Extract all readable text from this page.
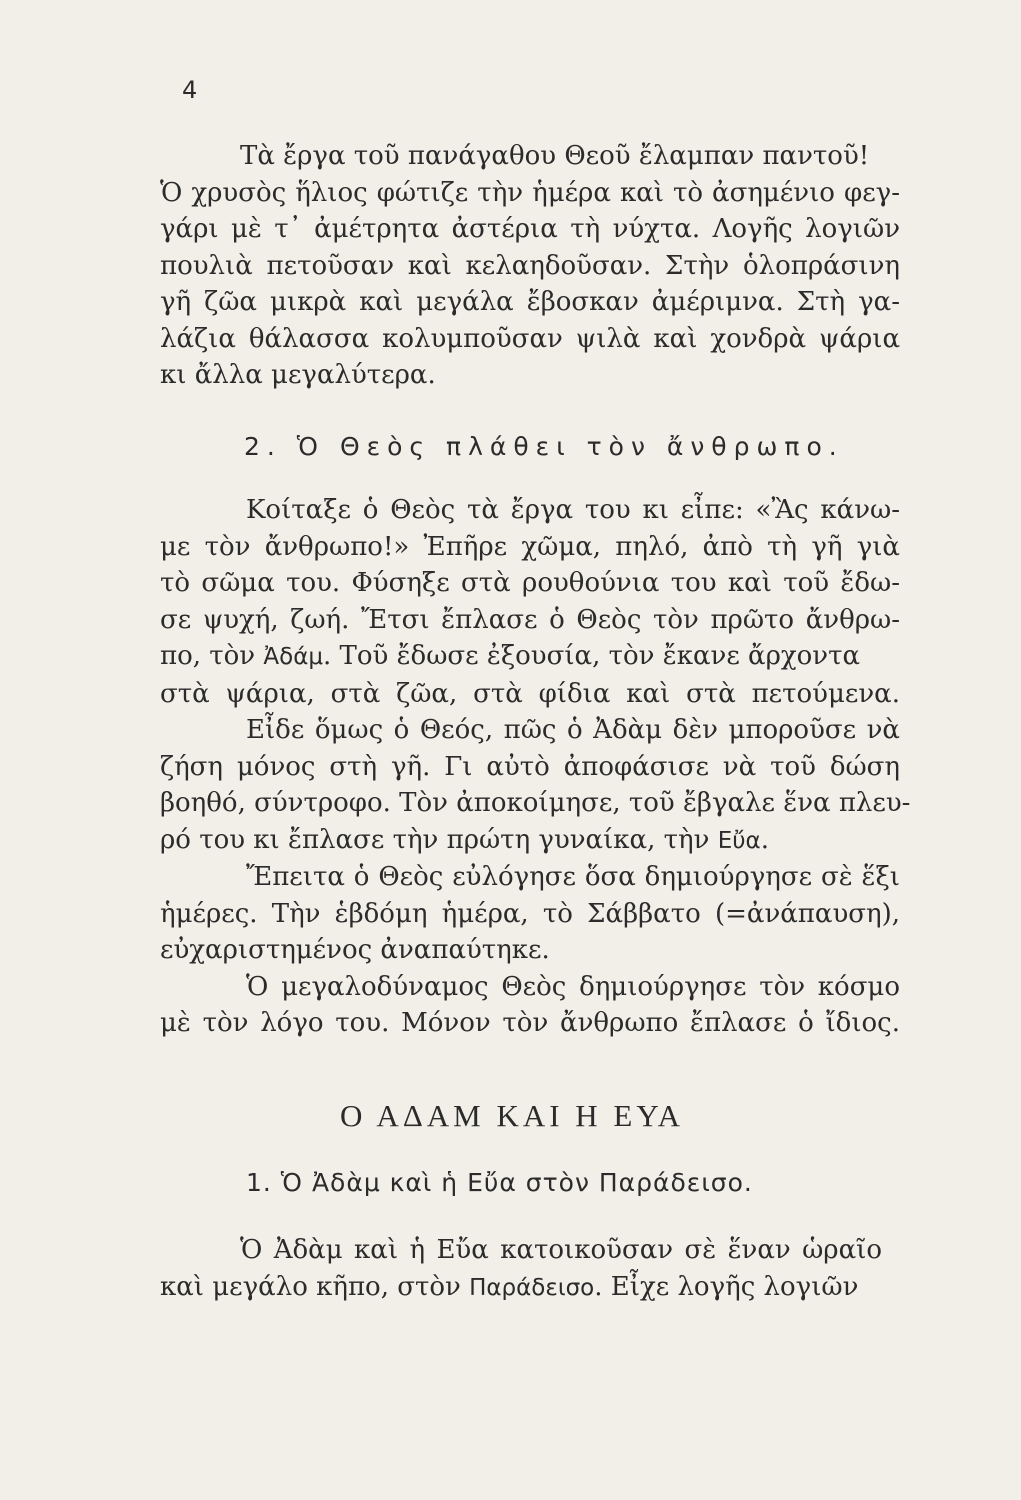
4

Τὰ ἔργα τοῦ πανάγαθου Θεοῦ ἔλαμπαν παντοῦ!
Ὁ χρυσὸς ἥλιος φώτιζε τὴν ἡμέρα καὶ τὸ ἀσημένιο φεγ-
γάρι μὲ τ᾽ ἀμέτρητα ἀστέρια τὴ νύχτα. Λογῆς λογιῶν
πουλιὰ πετοῦσαν καὶ κελαηδοῦσαν. Στὴν ὁλοπράσινη
γῆ ζῶα μικρὰ καὶ μεγάλα ἔβοσκαν ἀμέριμνα. Στὴ γα-
λάζια θάλασσα κολυμποῦσαν ψιλὰ καὶ χονδρὰ ψάρια
κι ἄλλα μεγαλύτερα.

2. Ὁ Θεὸς πλάθει τὸν ἄνθρωπο.

Κοίταξε ὁ Θεὸς τὰ ἔργα του κι εἶπε: «Ἂς κάνω-
με τὸν ἄνθρωπο!» Ἐπῆρε χῶμα, πηλό, ἀπὸ τὴ γῆ γιὰ
τὸ σῶμα του. Φύσηξε στὰ ρουθούνια του καὶ τοῦ ἔδω-
σε ψυχή, ζωή. Ἔτσι ἔπλασε ὁ Θεὸς τὸν πρῶτο ἄνθρω-
πο, τὸν Ἀδάμ. Τοῦ ἔδωσε ἐξουσία, τὸν ἔκανε ἄρχοντα
στὰ ψάρια, στὰ ζῶα, στὰ φίδια καὶ στὰ πετούμενα.
Εἶδε ὅμως ὁ Θεός, πῶς ὁ Ἀδὰμ δὲν μποροῦσε νὰ
ζήση μόνος στὴ γῆ. Γι αὐτὸ ἀποφάσισε νὰ τοῦ δώση
βοηθό, σύντροφο. Τὸν ἀποκοίμησε, τοῦ ἔβγαλε ἕνα πλευ-
ρό του κι ἔπλασε τὴν πρώτη γυναίκα, τὴν Εὔα.
Ἔπειτα ὁ Θεὸς εὐλόγησε ὅσα δημιούργησε σὲ ἕξι
ἡμέρες. Τὴν ἑβδόμη ἡμέρα, τὸ Σάββατο (=ἀνάπαυση),
εὐχαριστημένος ἀναπαύτηκε.
Ὁ μεγαλοδύναμος Θεὸς δημιούργησε τὸν κόσμο
μὲ τὸν λόγο του. Μόνον τὸν ἄνθρωπο ἔπλασε ὁ ἴδιος.

Ο ΑΔΑΜ ΚΑΙ Η ΕΥΑ
1. Ὁ Ἀδὰμ καὶ ἡ Εὔα στὸν Παράδεισο.

Ὁ Ἀδὰμ καὶ ἡ Εὔα κατοικοῦσαν σὲ ἕναν ὡραῖο
καὶ μεγάλο κῆπο, στὸν Παράδεισο. Εἶχε λογῆς λογιῶν
